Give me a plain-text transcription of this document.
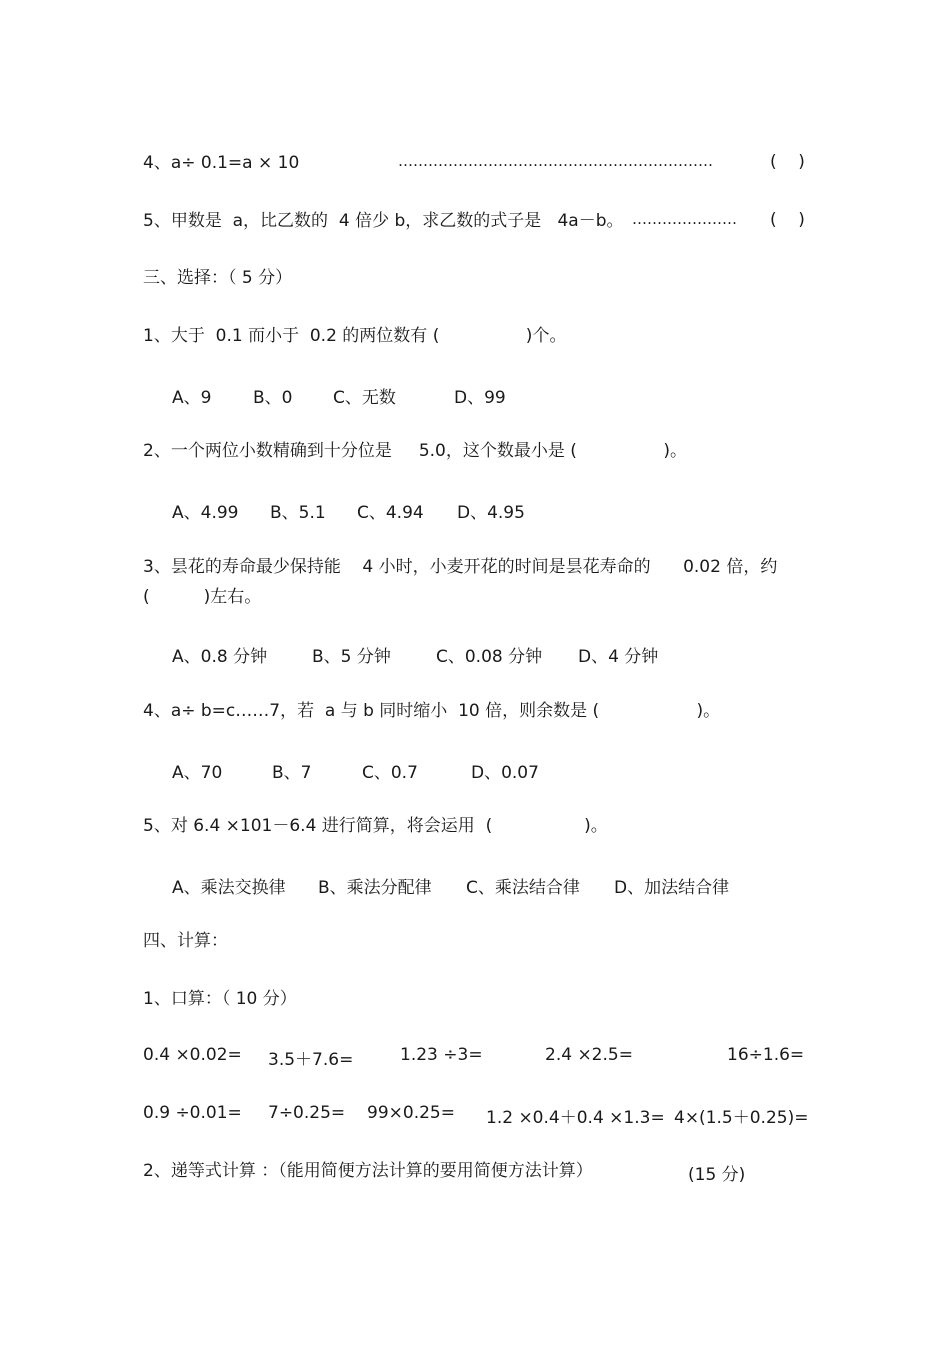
4、a÷ 0.1=a × 10	………………………………………………………	(    )
5、甲数是  a，比乙数的  4 倍少 b，求乙数的式子是   4a－b。 ………………… (    )
三、选择：（ 5 分）
1、大于  0.1 而小于  0.2 的两位数有 (                )个。
A、9 B、0 C、无数	D、99
2、一个两位小数精确到十分位是     5.0，这个数最小是 (                )。
A、4.99 B、5.1 C、4.94 D、4.95
3、昙花的寿命最少保持能    4 小时，小麦开花的时间是昙花寿命的      0.02 倍，约
(          )左右。
A、0.8 分钟	B、5 分钟	C、0.08 分钟 D、4 分钟
4、a÷ b=c……7，若  a 与 b 同时缩小  10 倍，则余数是 (                  )。
A、70	B、7	C、0.7	D、0.07
5、对 6.4 ×101－6.4 进行简算，将会运用  (                 )。
A、乘法交换律 B、乘法分配律 C、乘法结合律 D、加法结合律
四、计算：
1、口算：（ 10 分）
0.4 ×0.02= 3.5＋7.6=	1.23 ÷3=	2.4 ×2.5=	16÷1.6=
0.9 ÷0.01= 7÷0.25= 99×0.25= 1.2 ×0.4＋0.4 ×1.3= 4×(1.5＋0.25)=
2、递等式计算 ：（能用简便方法计算的要用简便方法计算）	(15 分)
